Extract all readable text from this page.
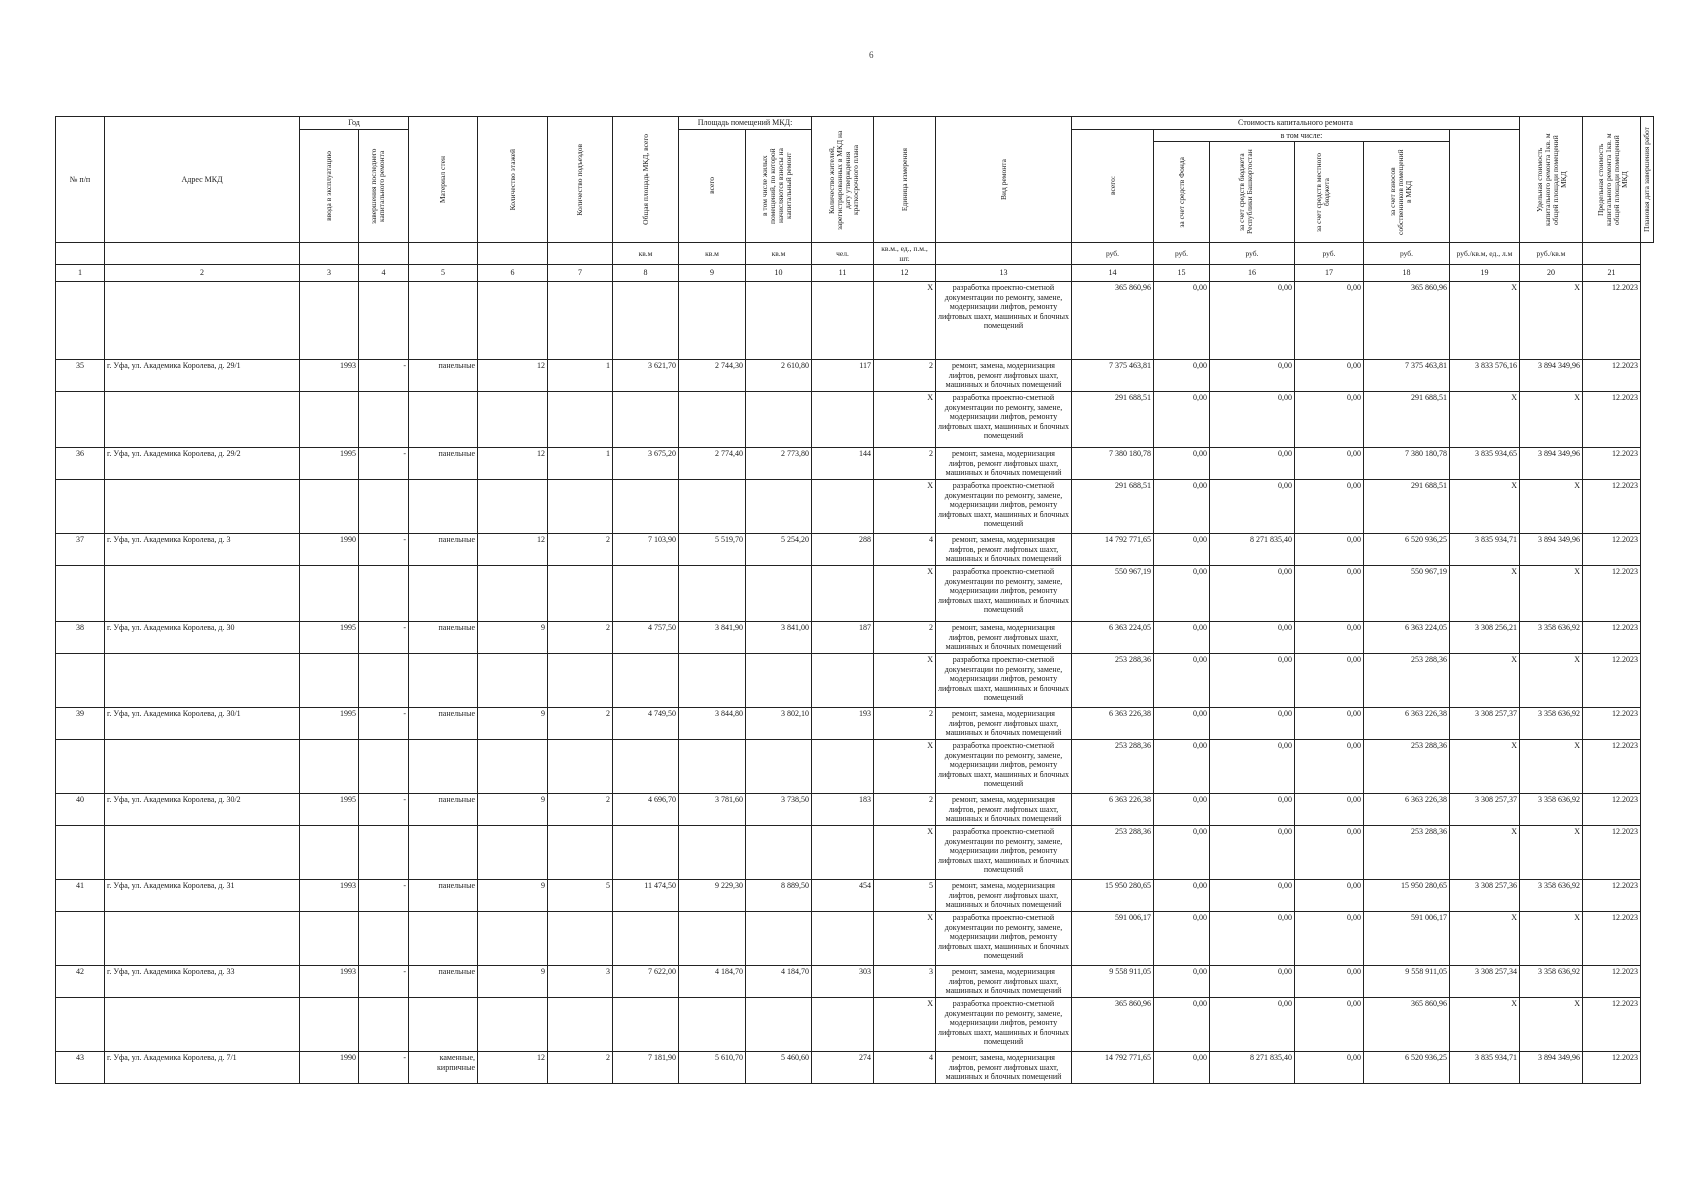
6
№ п/п	Адрес МКД	Год		Материал стен	Количество этажей	Количество подъездов	Общая площадь МКД, всего	Площадь помещений МКД:		Количество жителей, зарегистрированных в МКД на дату утверждения краткосрочного плана	Единица измерения	Вид ремонта	Стоимость капитального ремонта						Удельная стоимость капитального ремонта 1кв. м общей площади помещений МКД	Предельная стоимость капитального ремонта 1кв. м общей площади помещений МКД	Плановая дата завершения работ

		ввода в эксплуатацию	завершения последнего капитального ремонта					всего	в том числе жилых помещений, по которой начисляются взносы на капитальный ремонт				всего:	в том числе:							

														за счет средств Фонда	за счет средств бюджета Республики Башкортостан	за счет средств местного бюджета	за счет взносов собственников помещений в МКД				

							кв.м	кв.м	кв.м	чел.	кв.м., ед., п.м., шт.		руб.	руб.	руб.	руб.	руб.	руб./кв.м, ед., л.м	руб./кв.м		
1	2	3	4	5	6	7	8	9	10	11	12	13	14	15	16	17	18	19	20	21	
											X	разработка проектно-сметной документации по ремонту, замене, модернизации лифтов, ремонту лифтовых шахт, машинных и блочных помещений	365 860,96	0,00	0,00	0,00	365 860,96	X	X	12.2023	
35	г. Уфа, ул. Академика Королева, д. 29/1	1993	-	панельные	12	1	3 621,70	2 744,30	2 610,80	117	2	ремонт, замена, модернизация лифтов, ремонт лифтовых шахт, машинных и блочных помещений	7 375 463,81	0,00	0,00	0,00	7 375 463,81	3 833 576,16	3 894 349,96	12.2023	
											X	разработка проектно-сметной документации по ремонту, замене, модернизации лифтов, ремонту лифтовых шахт, машинных и блочных помещений	291 688,51	0,00	0,00	0,00	291 688,51	X	X	12.2023	
36	г. Уфа, ул. Академика Королева, д. 29/2	1995	-	панельные	12	1	3 675,20	2 774,40	2 773,80	144	2	ремонт, замена, модернизация лифтов, ремонт лифтовых шахт, машинных и блочных помещений	7 380 180,78	0,00	0,00	0,00	7 380 180,78	3 835 934,65	3 894 349,96	12.2023	
											X	разработка проектно-сметной документации по ремонту, замене, модернизации лифтов, ремонту лифтовых шахт, машинных и блочных помещений	291 688,51	0,00	0,00	0,00	291 688,51	X	X	12.2023	
37	г. Уфа, ул. Академика Королева, д. 3	1990	-	панельные	12	2	7 103,90	5 519,70	5 254,20	288	4	ремонт, замена, модернизация лифтов, ремонт лифтовых шахт, машинных и блочных помещений	14 792 771,65	0,00	8 271 835,40	0,00	6 520 936,25	3 835 934,71	3 894 349,96	12.2023	
											X	разработка проектно-сметной документации по ремонту, замене, модернизации лифтов, ремонту лифтовых шахт, машинных и блочных помещений	550 967,19	0,00	0,00	0,00	550 967,19	X	X	12.2023	
38	г. Уфа, ул. Академика Королева, д. 30	1995	-	панельные	9	2	4 757,50	3 841,90	3 841,00	187	2	ремонт, замена, модернизация лифтов, ремонт лифтовых шахт, машинных и блочных помещений	6 363 224,05	0,00	0,00	0,00	6 363 224,05	3 308 256,21	3 358 636,92	12.2023	
											X	разработка проектно-сметной документации по ремонту, замене, модернизации лифтов, ремонту лифтовых шахт, машинных и блочных помещений	253 288,36	0,00	0,00	0,00	253 288,36	X	X	12.2023	
39	г. Уфа, ул. Академика Королева, д. 30/1	1995	-	панельные	9	2	4 749,50	3 844,80	3 802,10	193	2	ремонт, замена, модернизация лифтов, ремонт лифтовых шахт, машинных и блочных помещений	6 363 226,38	0,00	0,00	0,00	6 363 226,38	3 308 257,37	3 358 636,92	12.2023	
											X	разработка проектно-сметной документации по ремонту, замене, модернизации лифтов, ремонту лифтовых шахт, машинных и блочных помещений	253 288,36	0,00	0,00	0,00	253 288,36	X	X	12.2023	
40	г. Уфа, ул. Академика Королева, д. 30/2	1995	-	панельные	9	2	4 696,70	3 781,60	3 738,50	183	2	ремонт, замена, модернизация лифтов, ремонт лифтовых шахт, машинных и блочных помещений	6 363 226,38	0,00	0,00	0,00	6 363 226,38	3 308 257,37	3 358 636,92	12.2023	
											X	разработка проектно-сметной документации по ремонту, замене, модернизации лифтов, ремонту лифтовых шахт, машинных и блочных помещений	253 288,36	0,00	0,00	0,00	253 288,36	X	X	12.2023	
41	г. Уфа, ул. Академика Королева, д. 31	1993	-	панельные	9	5	11 474,50	9 229,30	8 889,50	454	5	ремонт, замена, модернизация лифтов, ремонт лифтовых шахт, машинных и блочных помещений	15 950 280,65	0,00	0,00	0,00	15 950 280,65	3 308 257,36	3 358 636,92	12.2023	
											X	разработка проектно-сметной документации по ремонту, замене, модернизации лифтов, ремонту лифтовых шахт, машинных и блочных помещений	591 006,17	0,00	0,00	0,00	591 006,17	X	X	12.2023	
42	г. Уфа, ул. Академика Королева, д. 33	1993	-	панельные	9	3	7 622,00	4 184,70	4 184,70	303	3	ремонт, замена, модернизация лифтов, ремонт лифтовых шахт, машинных и блочных помещений	9 558 911,05	0,00	0,00	0,00	9 558 911,05	3 308 257,34	3 358 636,92	12.2023	
											X	разработка проектно-сметной документации по ремонту, замене, модернизации лифтов, ремонту лифтовых шахт, машинных и блочных помещений	365 860,96	0,00	0,00	0,00	365 860,96	X	X	12.2023	
43	г. Уфа, ул. Академика Королева, д. 7/1	1990	-	каменные, кирпичные	12	2	7 181,90	5 610,70	5 460,60	274	4	ремонт, замена, модернизация лифтов, ремонт лифтовых шахт, машинных и блочных помещений	14 792 771,65	0,00	8 271 835,40	0,00	6 520 936,25	3 835 934,71	3 894 349,96	12.2023	
